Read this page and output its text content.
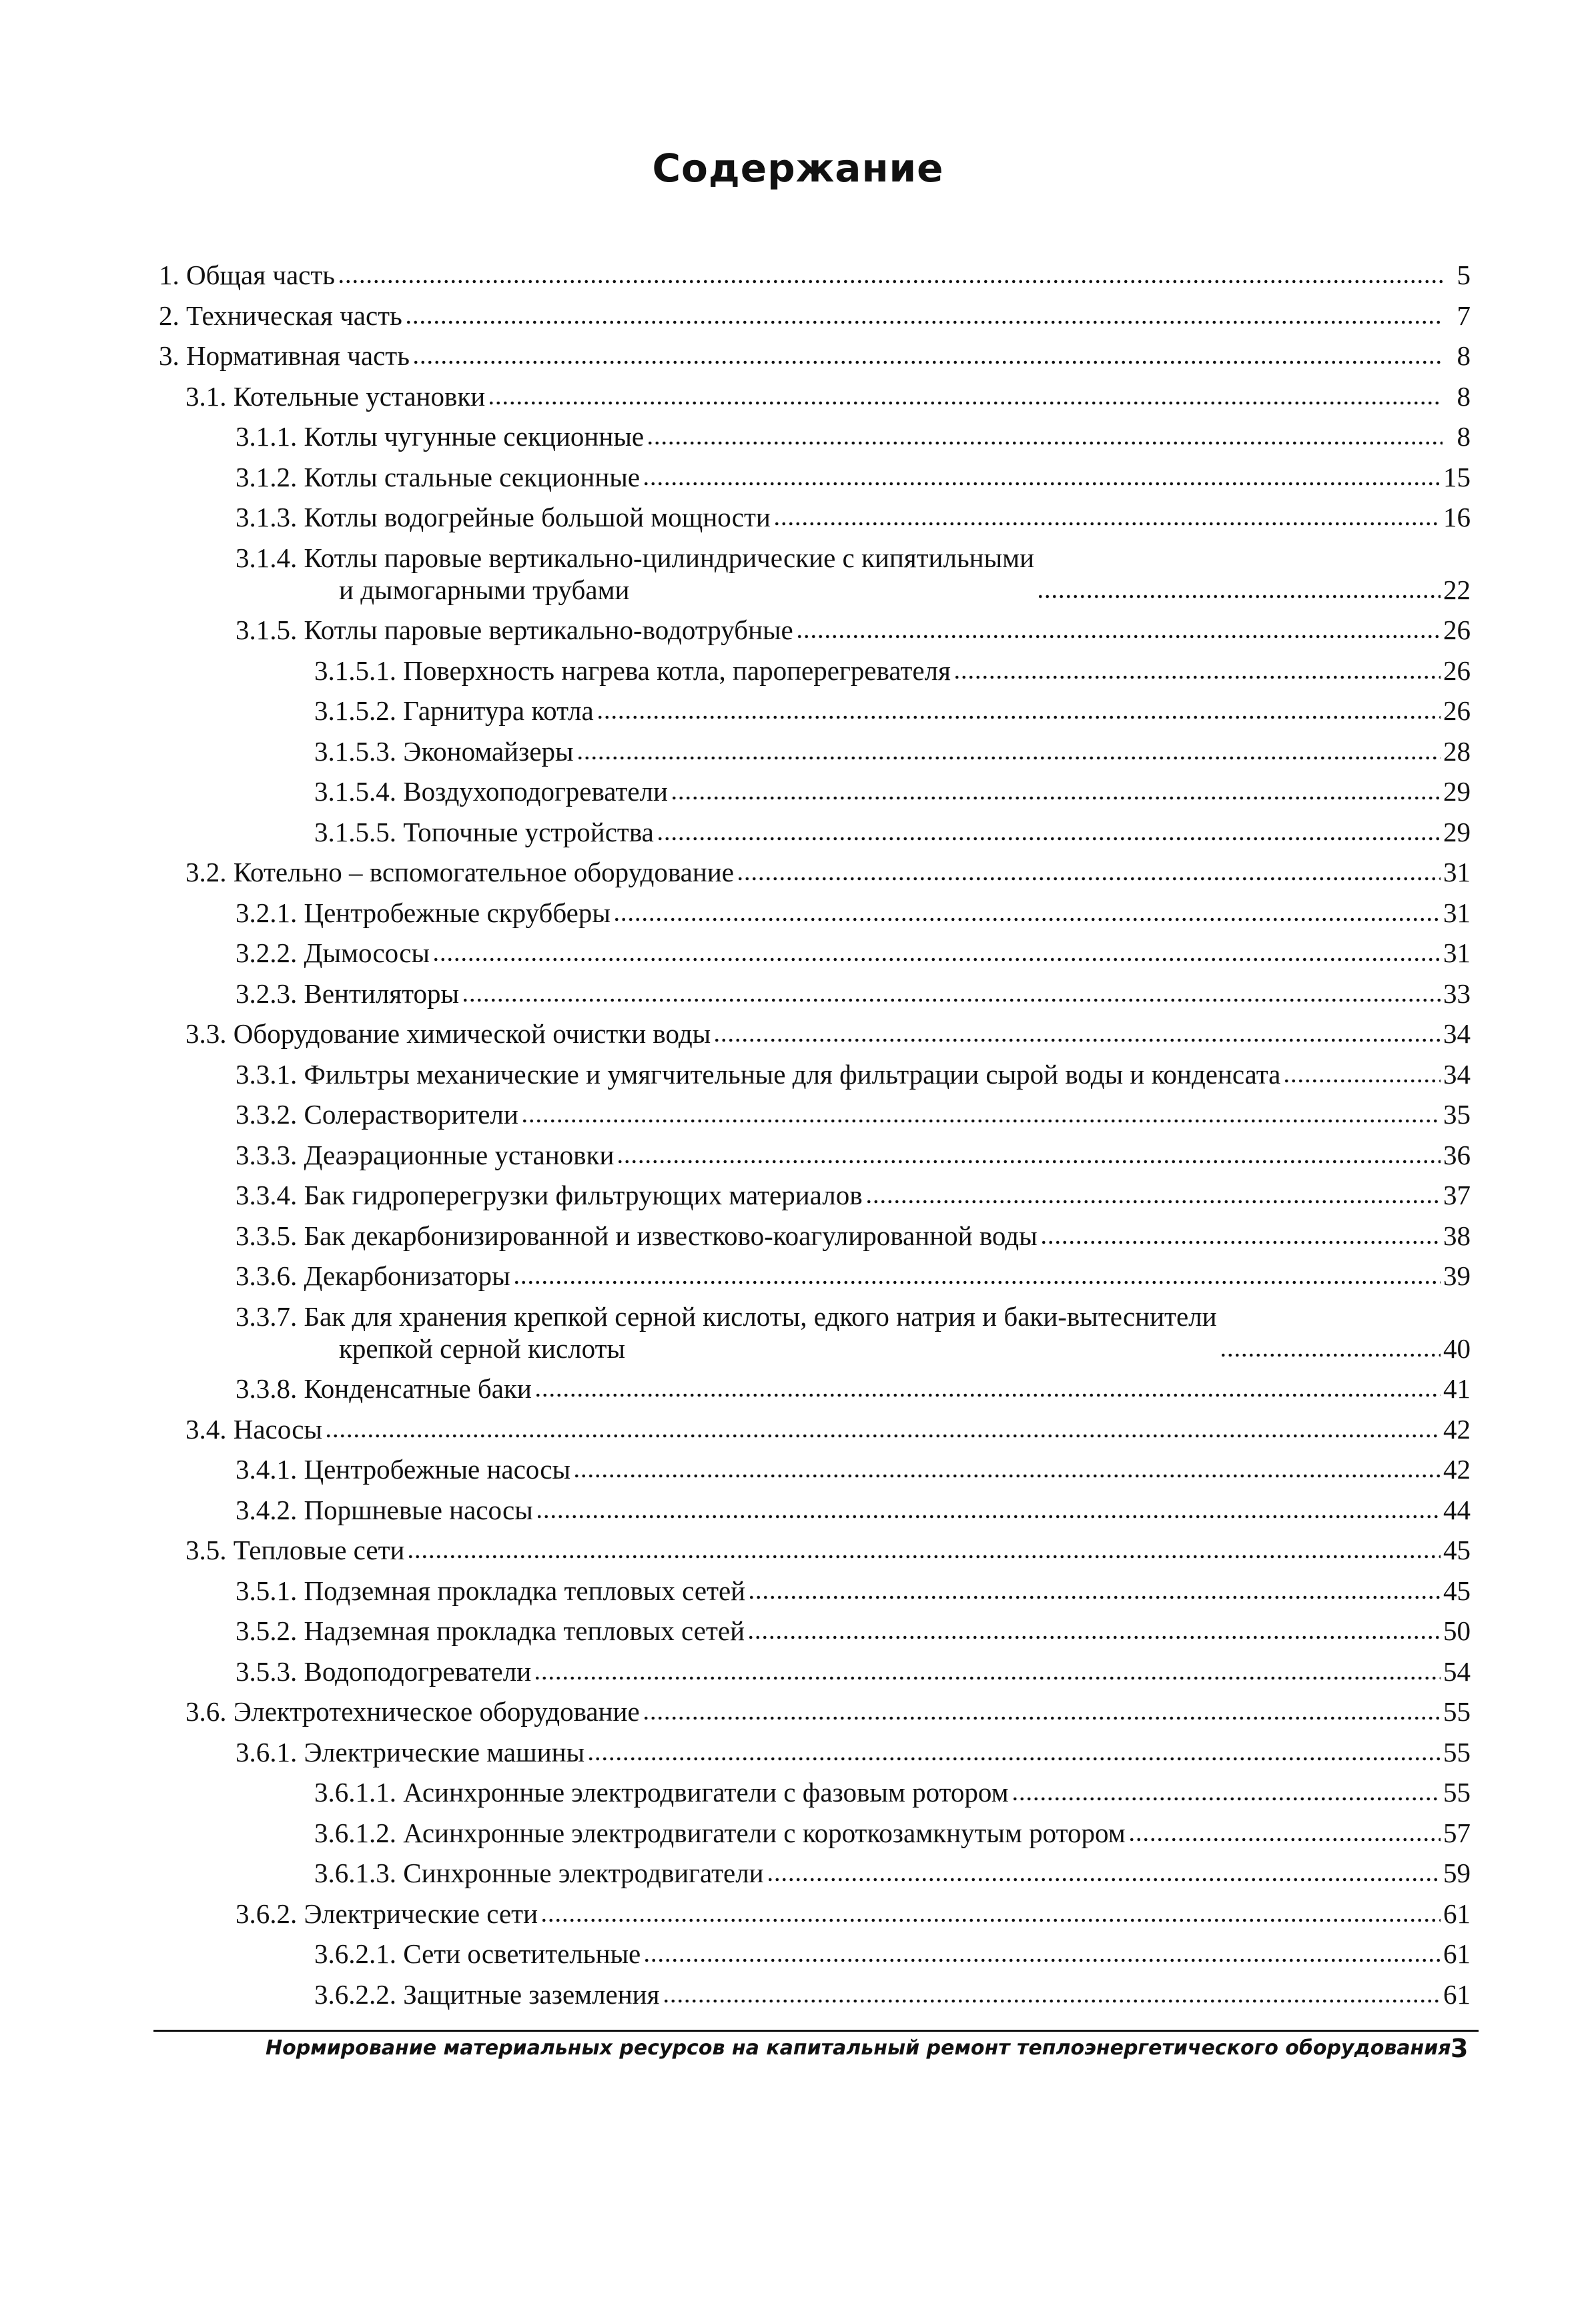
Содержание
1. Общая часть	5
2. Техническая часть	7
3. Нормативная часть	8
3.1. Котельные установки	8
3.1.1. Котлы чугунные секционные	8
3.1.2. Котлы стальные секционные	15
3.1.3. Котлы водогрейные большой мощности	16
3.1.4. Котлы паровые вертикально-цилиндрические с кипятильными
и дымогарными трубами	22
3.1.5. Котлы паровые вертикально-водотрубные	26
3.1.5.1. Поверхность нагрева котла, пароперегревателя	26
3.1.5.2. Гарнитура котла	26
3.1.5.3. Экономайзеры	28
3.1.5.4. Воздухоподогреватели	29
3.1.5.5. Топочные устройства	29
3.2. Котельно – вспомогательное оборудование	31
3.2.1. Центробежные скрубберы	31
3.2.2. Дымососы	31
3.2.3. Вентиляторы	33
3.3. Оборудование химической очистки воды	34
3.3.1. Фильтры механические и умягчительные для фильтрации сырой воды и конденсата	34
3.3.2. Солерастворители	35
3.3.3. Деаэрационные установки	36
3.3.4. Бак гидроперегрузки фильтрующих материалов	37
3.3.5. Бак декарбонизированной и известково-коагулированной воды	38
3.3.6. Декарбонизаторы	39
3.3.7. Бак для хранения крепкой серной кислоты, едкого натрия и баки-вытеснители
крепкой серной кислоты	40
3.3.8. Конденсатные баки	41
3.4. Насосы	42
3.4.1. Центробежные насосы	42
3.4.2. Поршневые насосы	44
3.5. Тепловые сети	45
3.5.1. Подземная прокладка тепловых сетей	45
3.5.2. Надземная прокладка тепловых сетей	50
3.5.3. Водоподогреватели	54
3.6. Электротехническое оборудование	55
3.6.1. Электрические машины	55
3.6.1.1. Асинхронные электродвигатели с фазовым ротором	55
3.6.1.2. Асинхронные электродвигатели с короткозамкнутым ротором	57
3.6.1.3. Синхронные электродвигатели	59
3.6.2. Электрические сети	61
3.6.2.1. Сети осветительные	61
3.6.2.2. Защитные заземления	61
Нормирование материальных ресурсов на капитальный ремонт теплоэнергетического оборудования 3
